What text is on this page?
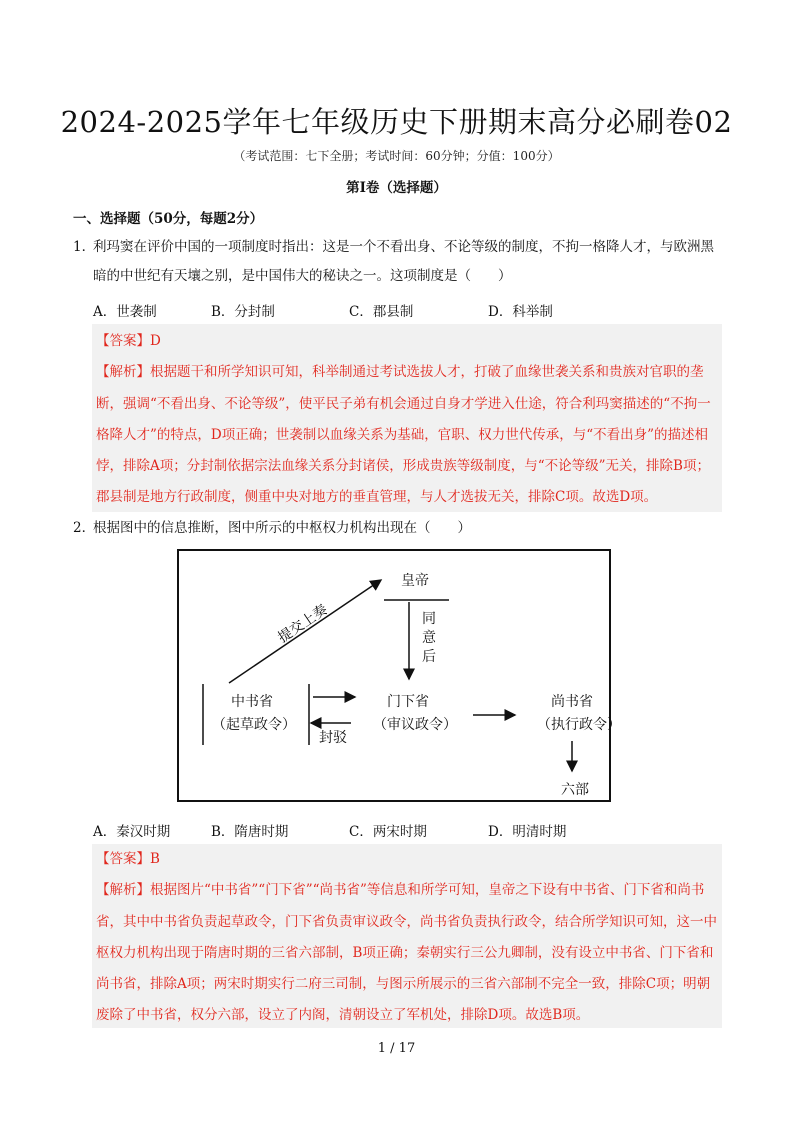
2024-2025学年七年级历史下册期末高分必刷卷02
（考试范围：七下全册；考试时间：60分钟；分值：100分）
第Ⅰ卷（选择题）
一、选择题（50分，每题2分）
1．
利玛窦在评价中国的一项制度时指出：这是一个不看出身、不论等级的制度，不拘一格降人才，与欧洲黑暗的中世纪有天壤之别，是中国伟大的秘诀之一。这项制度是（　　）
A．世袭制	B．分封制	C．郡县制	D．科举制

【答案】D

【解析】根据题干和所学知识可知，科举制通过考试选拔人才，打破了血缘世袭关系和贵族对官职的垄断，强调“不看出身、不论等级”，使平民子弟有机会通过自身才学进入仕途，符合利玛窦描述的“不拘一格降人才”的特点，D项正确；世袭制以血缘关系为基础，官职、权力世代传承，与“不看出身”的描述相悖，排除A项；分封制依据宗法血缘关系分封诸侯，形成贵族等级制度，与“不论等级”无关，排除B项；郡县制是地方行政制度，侧重中央对地方的垂直管理，与人才选拔无关，排除C项。故选D项。

2．
根据图中的信息推断，图中所示的中枢权力机构出现在（　　）
皇帝
提交上奏	同
意
后
中书省
（起草政令）
封驳
门下省
（审议政令）
尚书省
（执行政令）
六部
A．秦汉时期	B．隋唐时期	C．两宋时期	D．明清时期

【答案】B

【解析】根据图片“中书省”“门下省”“尚书省”等信息和所学可知，皇帝之下设有中书省、门下省和尚书省，其中中书省负责起草政令，门下省负责审议政令，尚书省负责执行政令，结合所学知识可知，这一中枢权力机构出现于隋唐时期的三省六部制，B项正确；秦朝实行三公九卿制，没有设立中书省、门下省和尚书省，排除A项；两宋时期实行二府三司制，与图示所展示的三省六部制不完全一致，排除C项；明朝废除了中书省，权分六部，设立了内阁，清朝设立了军机处，排除D项。故选B项。

1 / 17
